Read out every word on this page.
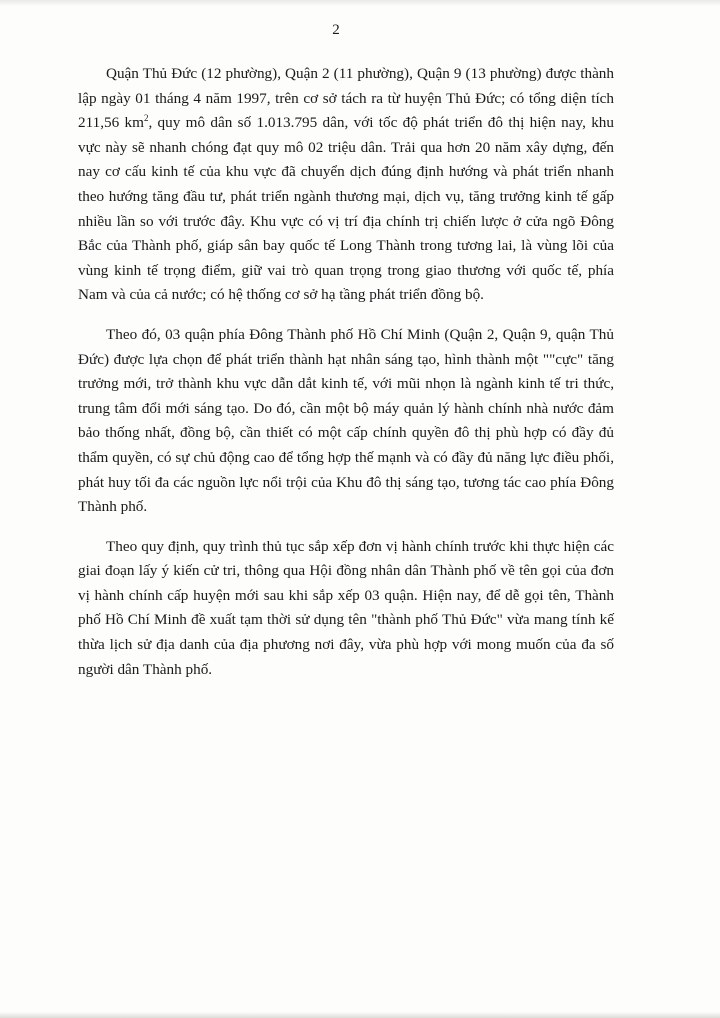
2

Quận Thủ Đức (12 phường), Quận 2 (11 phường), Quận 9 (13 phường) được thành lập ngày 01 tháng 4 năm 1997, trên cơ sở tách ra từ huyện Thủ Đức; có tổng diện tích 211,56 $km^2$, quy mô dân số 1.013.795 dân, với tốc độ phát triển đô thị hiện nay, khu vực này sẽ nhanh chóng đạt quy mô 02 triệu dân. Trải qua hơn 20 năm xây dựng, đến nay cơ cấu kinh tế của khu vực đã chuyển dịch đúng định hướng và phát triển nhanh theo hướng tăng đầu tư, phát triển ngành thương mại, dịch vụ, tăng trưởng kinh tế gấp nhiều lần so với trước đây. Khu vực có vị trí địa chính trị chiến lược ở cửa ngõ Đông Bắc của Thành phố, giáp sân bay quốc tế Long Thành trong tương lai, là vùng lõi của vùng kinh tế trọng điểm, giữ vai trò quan trọng trong giao thương với quốc tế, phía Nam và của cả nước; có hệ thống cơ sở hạ tầng phát triển đồng bộ.

Theo đó, 03 quận phía Đông Thành phố Hồ Chí Minh (Quận 2, Quận 9, quận Thủ Đức) được lựa chọn để phát triển thành hạt nhân sáng tạo, hình thành một ""cực" tăng trưởng mới, trở thành khu vực dẫn dắt kinh tế, với mũi nhọn là ngành kinh tế tri thức, trung tâm đổi mới sáng tạo. Do đó, cần một bộ máy quản lý hành chính nhà nước đảm bảo thống nhất, đồng bộ, cần thiết có một cấp chính quyền đô thị phù hợp có đầy đủ thẩm quyền, có sự chủ động cao để tổng hợp thế mạnh và có đầy đủ năng lực điều phối, phát huy tối đa các nguồn lực nổi trội của Khu đô thị sáng tạo, tương tác cao phía Đông Thành phố.

Theo quy định, quy trình thủ tục sắp xếp đơn vị hành chính trước khi thực hiện các giai đoạn lấy ý kiến cử tri, thông qua Hội đồng nhân dân Thành phố về tên gọi của đơn vị hành chính cấp huyện mới sau khi sắp xếp 03 quận. Hiện nay, để dễ gọi tên, Thành phố Hồ Chí Minh đề xuất tạm thời sử dụng tên "thành phố Thủ Đức" vừa mang tính kế thừa lịch sử địa danh của địa phương nơi đây, vừa phù hợp với mong muốn của đa số người dân Thành phố.
